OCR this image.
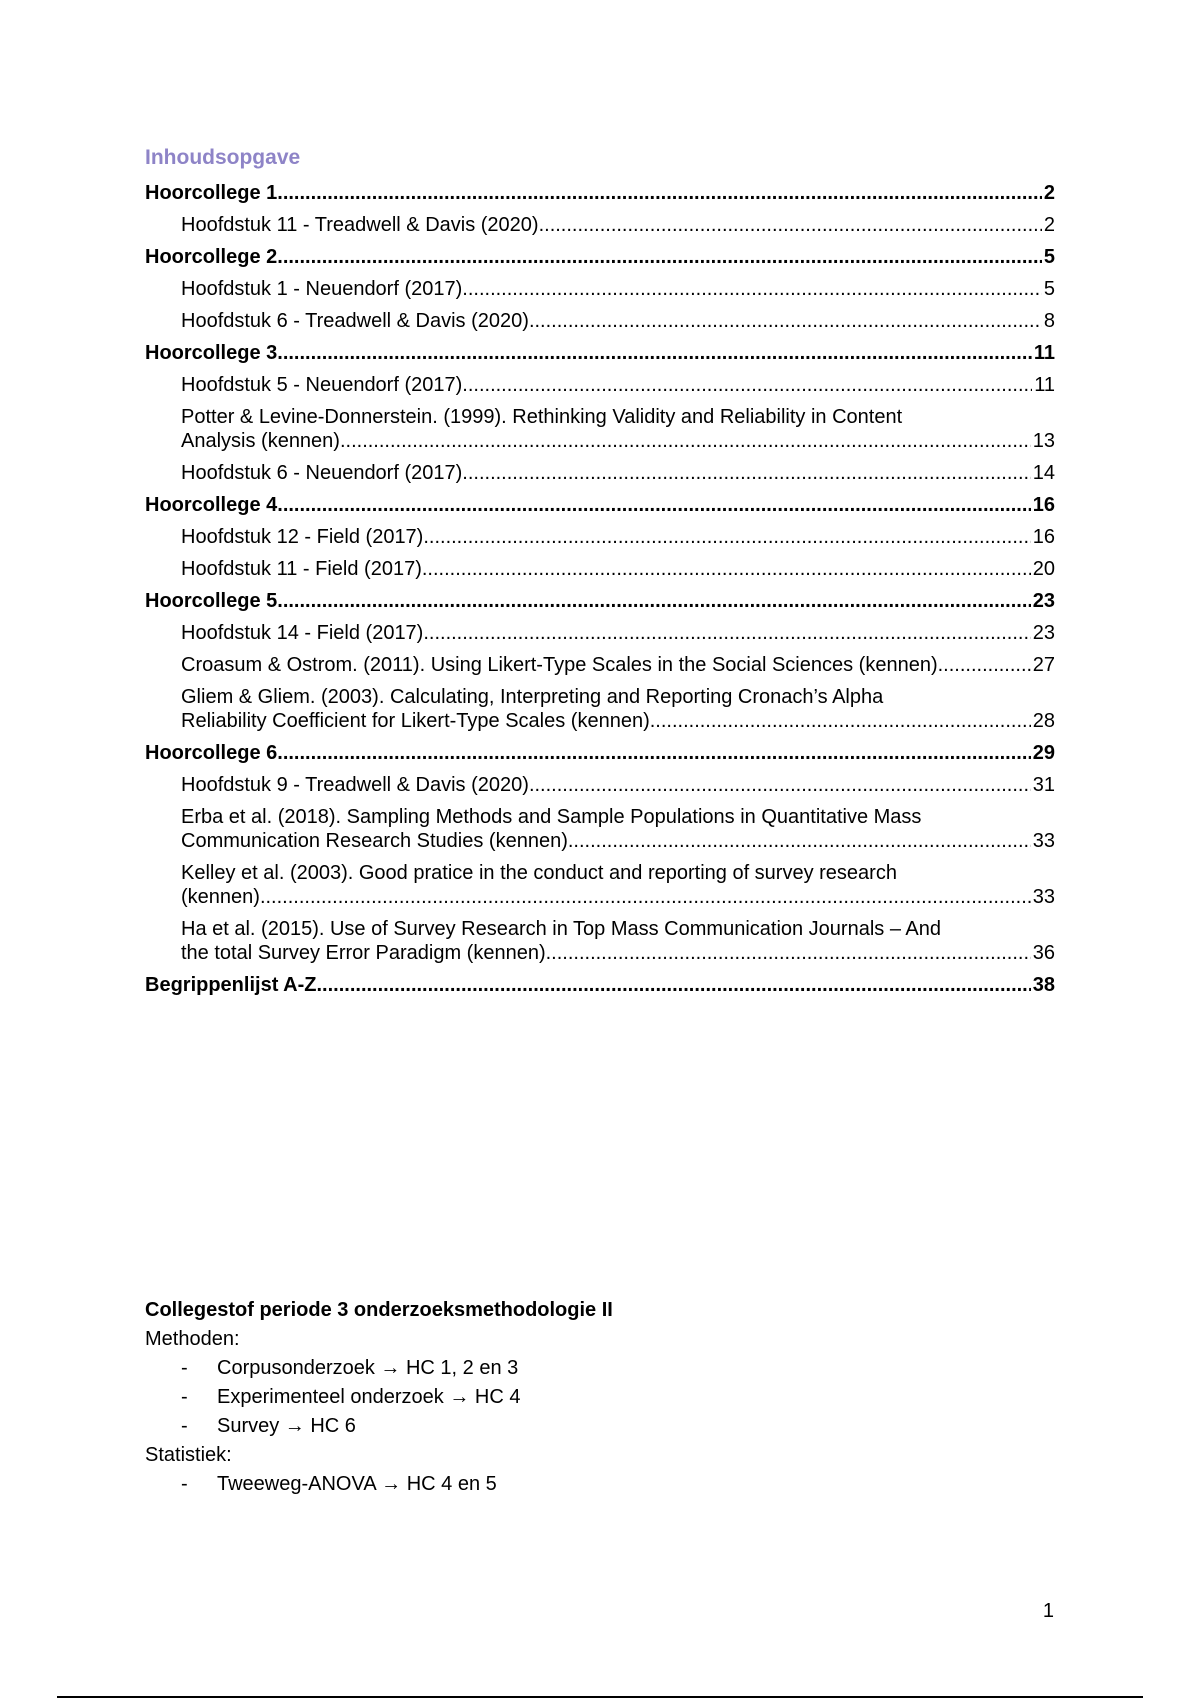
Inhoudsopgave
Hoorcollege 1 .....	2
Hoofdstuk 11 - Treadwell & Davis (2020) .....	2
Hoorcollege 2 .....	5
Hoofdstuk 1 - Neuendorf (2017) .....	5
Hoofdstuk 6 - Treadwell & Davis (2020) .....	8
Hoorcollege 3 .....	11
Hoofdstuk 5 - Neuendorf (2017) .....	11
Potter & Levine-Donnerstein. (1999). Rethinking Validity and Reliability in Content
Analysis (kennen) .....	13
Hoofdstuk 6 - Neuendorf (2017) .....	14
Hoorcollege 4 .....	16
Hoofdstuk 12 - Field (2017) .....	16
Hoofdstuk 11 - Field (2017) .....	20
Hoorcollege 5 .....	23
Hoofdstuk 14 - Field (2017) .....	23
Croasum & Ostrom. (2011). Using Likert-Type Scales in the Social Sciences (kennen) .....	27
Gliem & Gliem. (2003). Calculating, Interpreting and Reporting Cronach’s Alpha
Reliability Coefficient for Likert-Type Scales (kennen) .....	28
Hoorcollege 6 .....	29
Hoofdstuk 9 - Treadwell & Davis (2020) .....	31
Erba et al. (2018). Sampling Methods and Sample Populations in Quantitative Mass
Communication Research Studies (kennen) .....	33
Kelley et al. (2003). Good pratice in the conduct and reporting of survey research
(kennen) .....	33
Ha et al. (2015). Use of Survey Research in Top Mass Communication Journals – And
the total Survey Error Paradigm (kennen) .....	36
Begrippenlijst A-Z .....	38
Collegestof periode 3 onderzoeksmethodologie II
Methoden:
- Corpusonderzoek → HC 1, 2 en 3
- Experimenteel onderzoek → HC 4
- Survey → HC 6
Statistiek:
- Tweeweg-ANOVA → HC 4 en 5
1
